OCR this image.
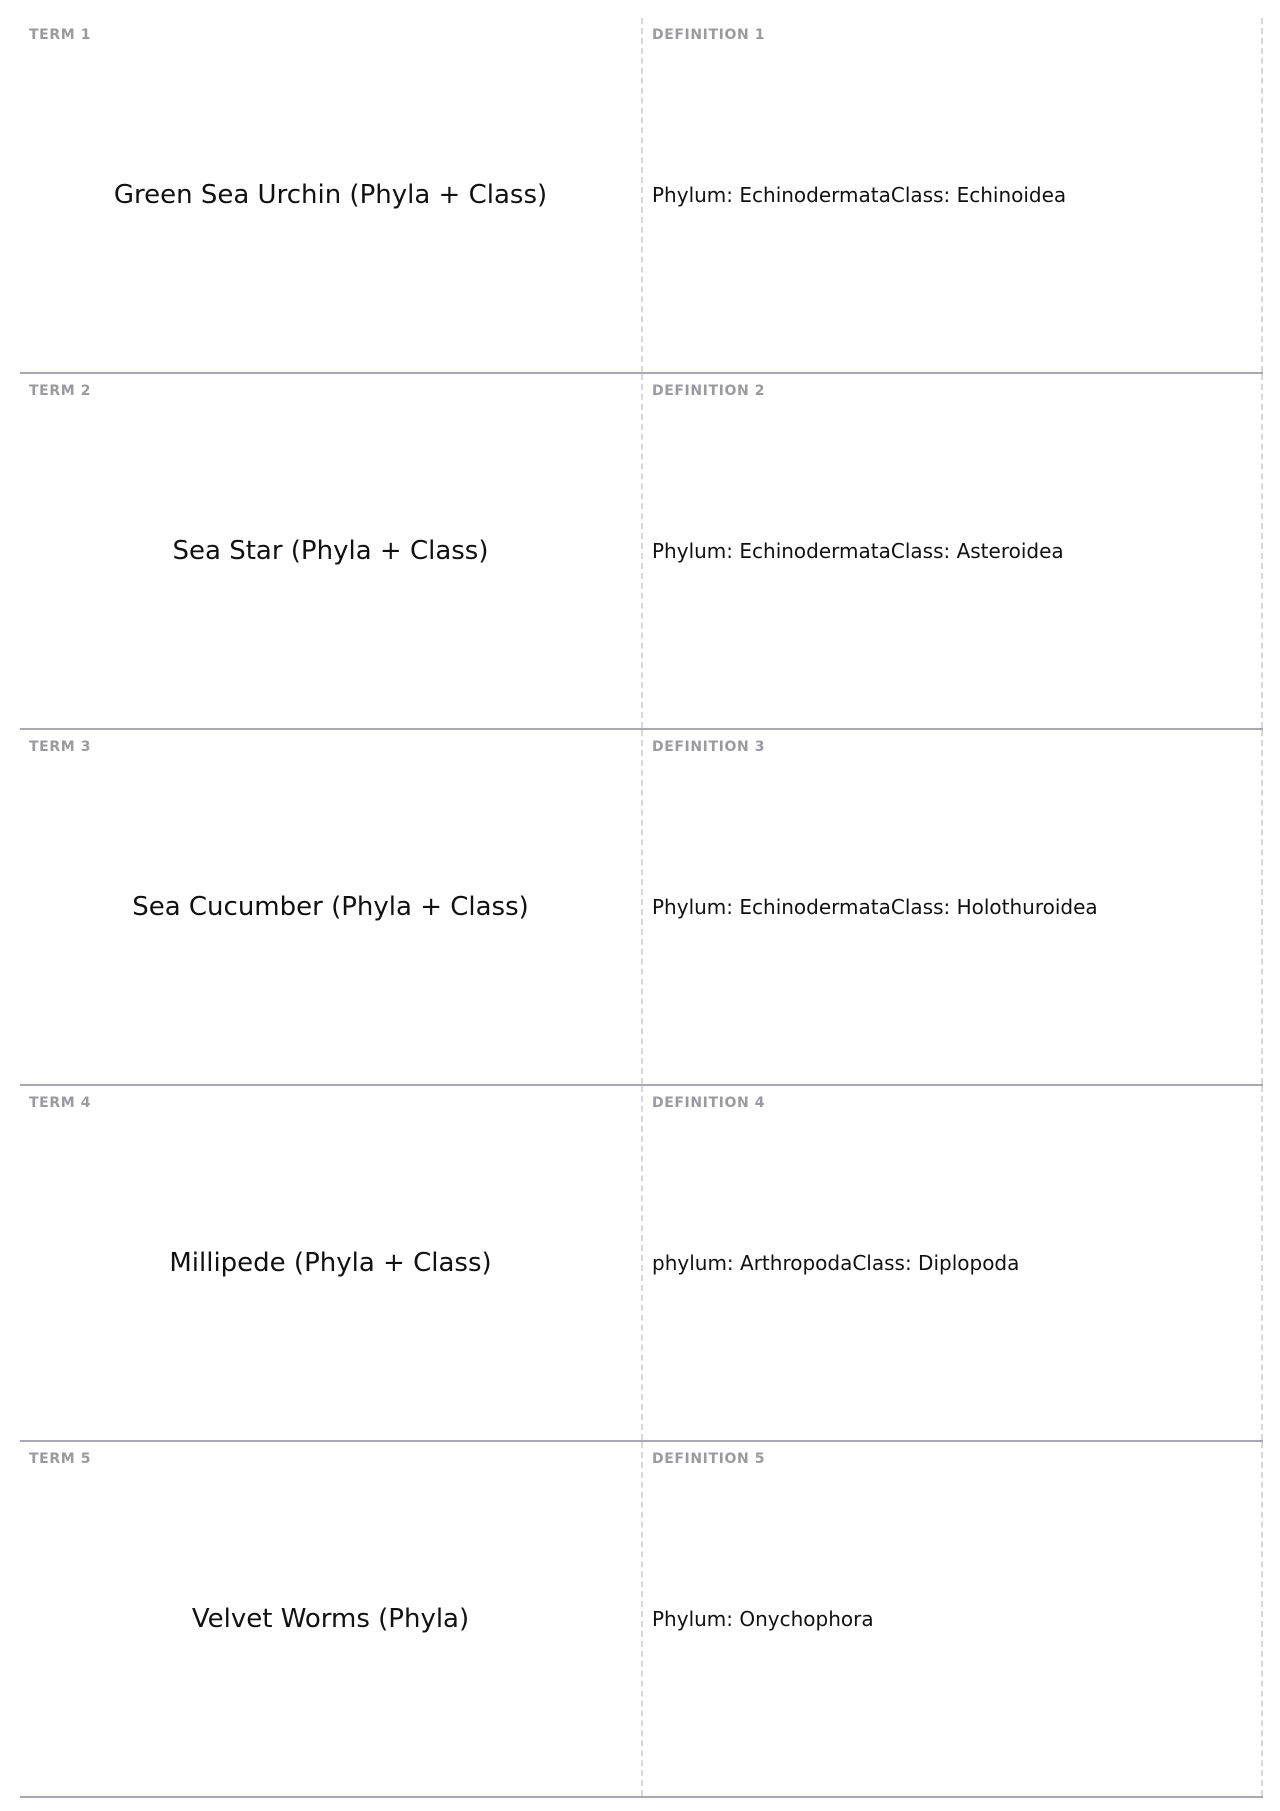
TERM 1
Green Sea Urchin (Phyla + Class)
DEFINITION 1
Phylum: EchinodermataClass: Echinoidea
TERM 2
Sea Star (Phyla + Class)
DEFINITION 2
Phylum: EchinodermataClass: Asteroidea
TERM 3
Sea Cucumber (Phyla + Class)
DEFINITION 3
Phylum: EchinodermataClass: Holothuroidea
TERM 4
Millipede (Phyla + Class)
DEFINITION 4
phylum: ArthropodaClass: Diplopoda
TERM 5
Velvet Worms (Phyla)
DEFINITION 5
Phylum: Onychophora
